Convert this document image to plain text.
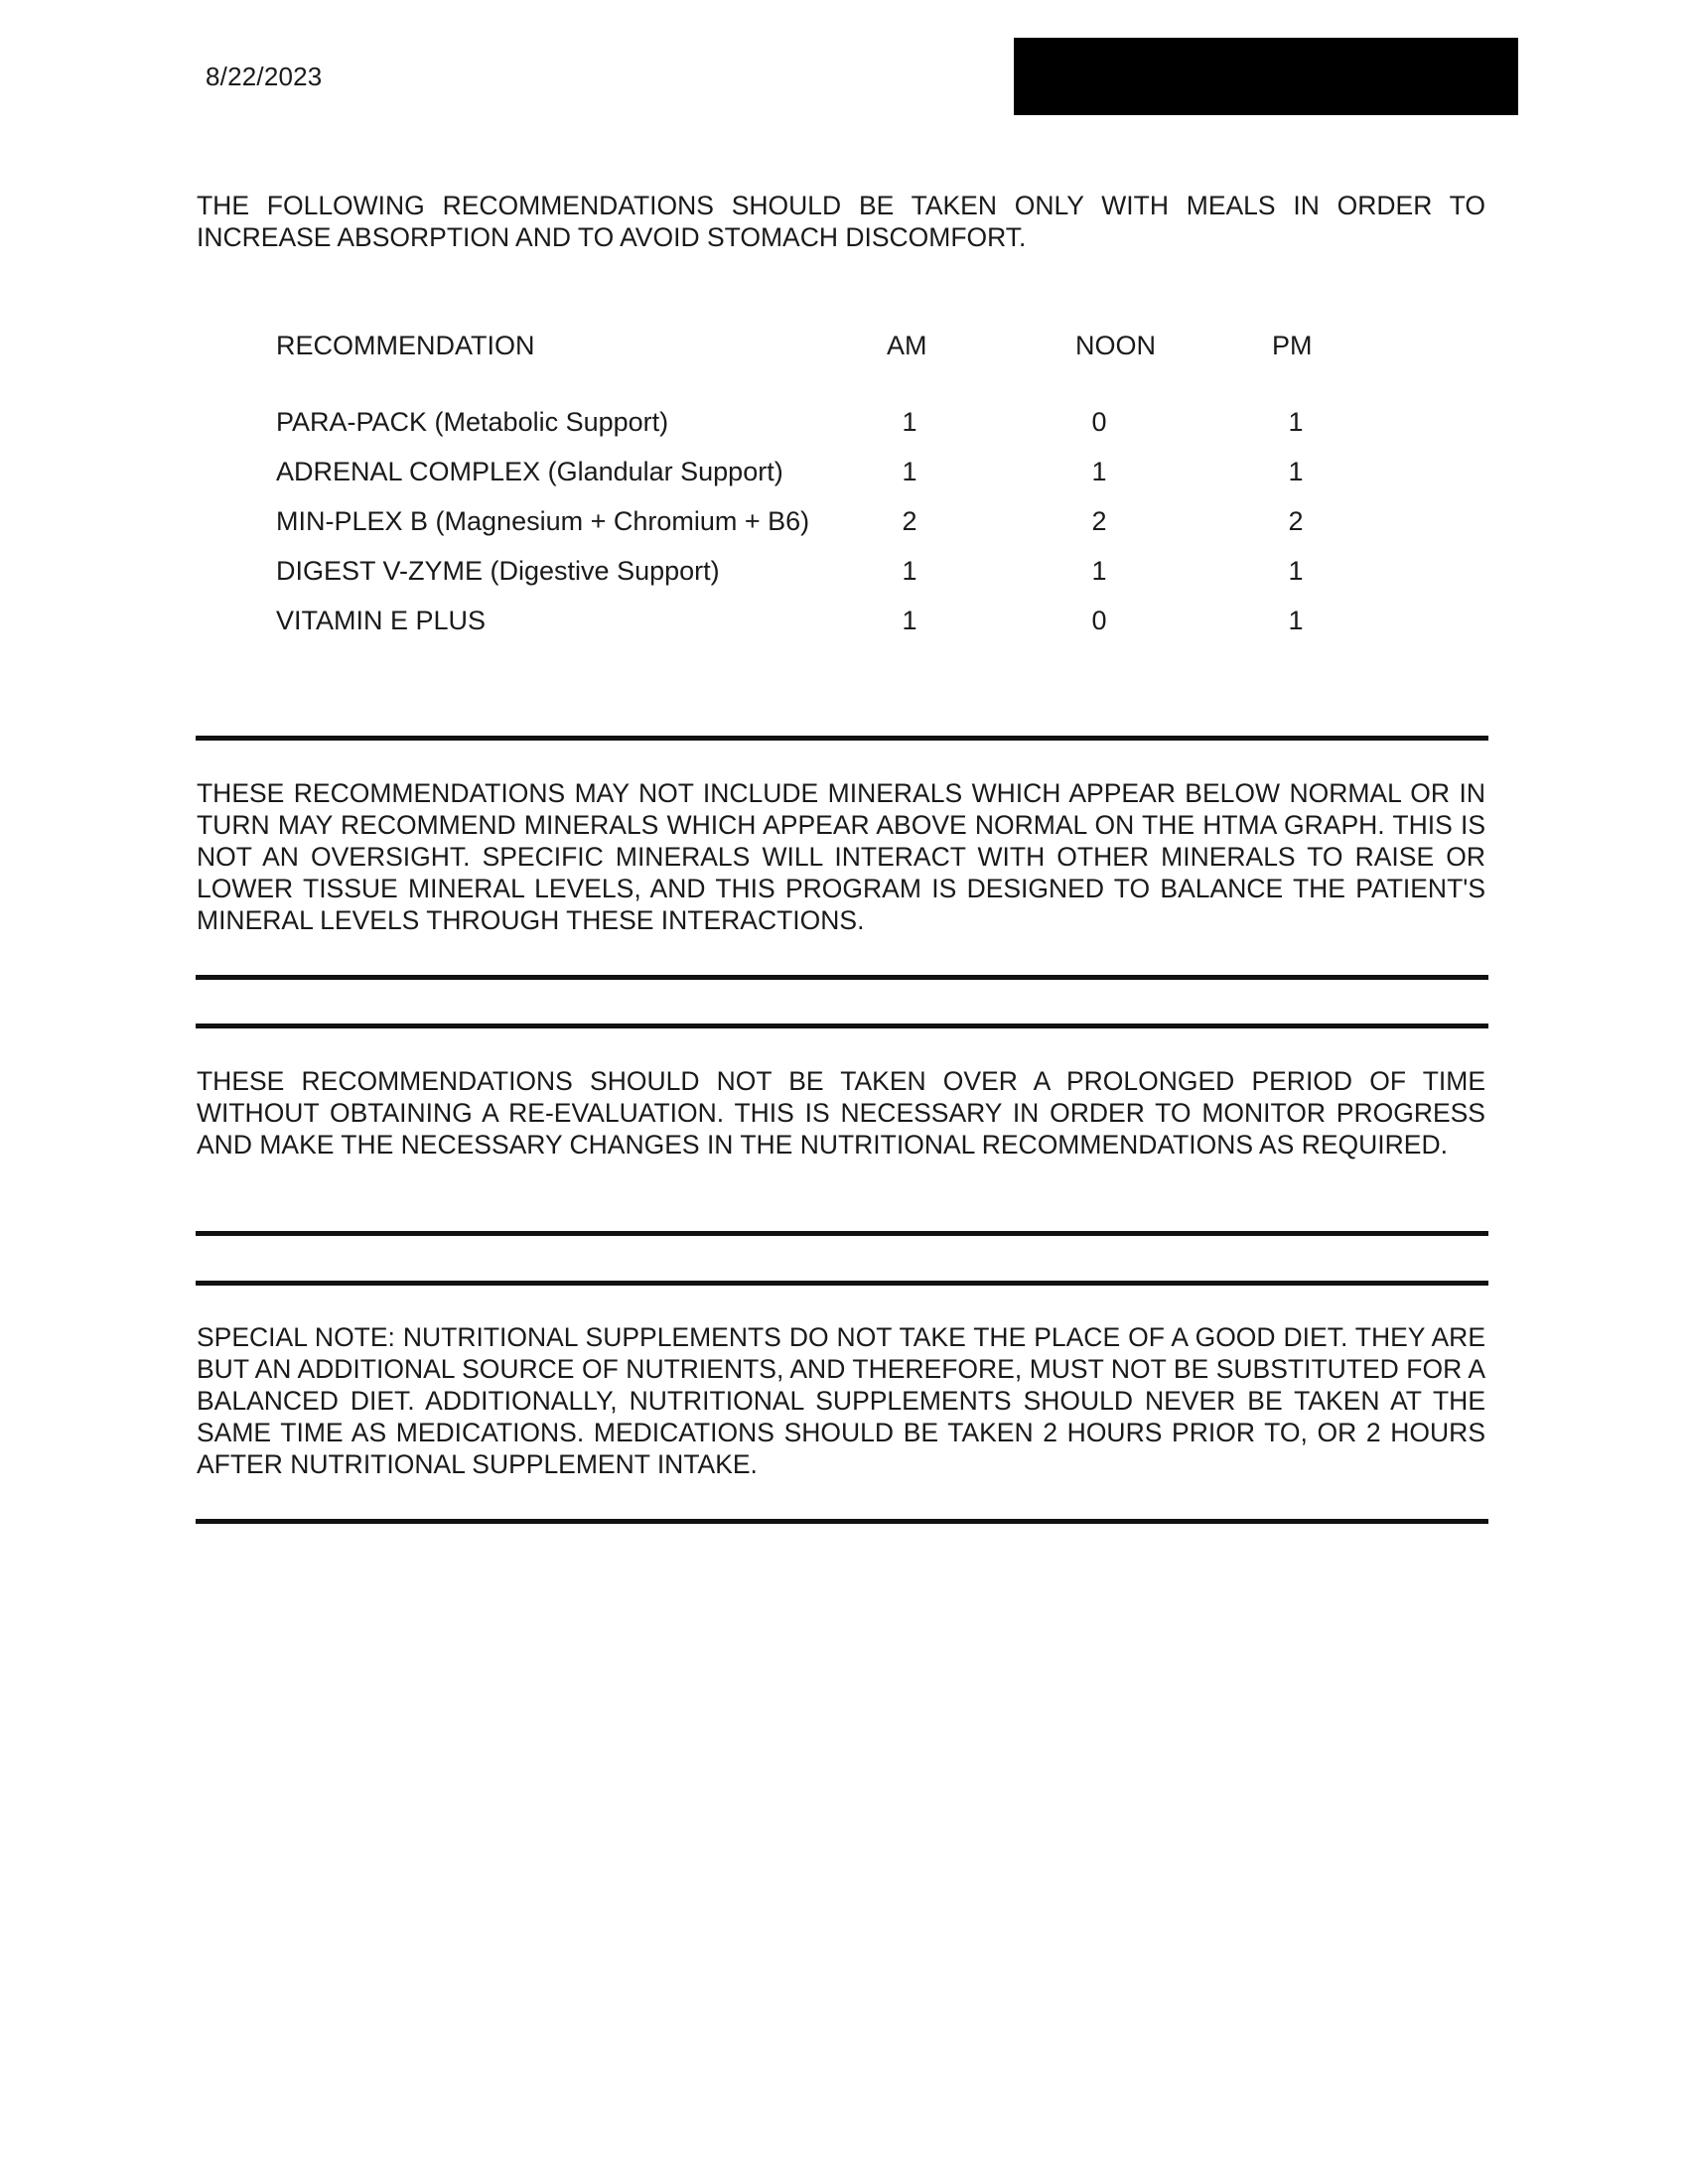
8/22/2023

THE FOLLOWING RECOMMENDATIONS SHOULD BE TAKEN ONLY WITH MEALS IN ORDER TO INCREASE ABSORPTION AND TO AVOID STOMACH DISCOMFORT.

RECOMMENDATION	AM	NOON	PM
PARA-PACK (Metabolic Support)	1	0	1
ADRENAL COMPLEX (Glandular Support)	1	1	1
MIN-PLEX B (Magnesium + Chromium + B6)	2	2	2
DIGEST V-ZYME (Digestive Support)	1	1	1
VITAMIN E PLUS	1	0	1

THESE RECOMMENDATIONS MAY NOT INCLUDE MINERALS WHICH APPEAR BELOW NORMAL OR IN TURN MAY RECOMMEND MINERALS WHICH APPEAR ABOVE NORMAL ON THE HTMA GRAPH. THIS IS NOT AN OVERSIGHT. SPECIFIC MINERALS WILL INTERACT WITH OTHER MINERALS TO RAISE OR LOWER TISSUE MINERAL LEVELS, AND THIS PROGRAM IS DESIGNED TO BALANCE THE PATIENT'S MINERAL LEVELS THROUGH THESE INTERACTIONS.

THESE RECOMMENDATIONS SHOULD NOT BE TAKEN OVER A PROLONGED PERIOD OF TIME WITHOUT OBTAINING A RE-EVALUATION. THIS IS NECESSARY IN ORDER TO MONITOR PROGRESS AND MAKE THE NECESSARY CHANGES IN THE NUTRITIONAL RECOMMENDATIONS AS REQUIRED.

SPECIAL NOTE: NUTRITIONAL SUPPLEMENTS DO NOT TAKE THE PLACE OF A GOOD DIET. THEY ARE BUT AN ADDITIONAL SOURCE OF NUTRIENTS, AND THEREFORE, MUST NOT BE SUBSTITUTED FOR A BALANCED DIET. ADDITIONALLY, NUTRITIONAL SUPPLEMENTS SHOULD NEVER BE TAKEN AT THE SAME TIME AS MEDICATIONS. MEDICATIONS SHOULD BE TAKEN 2 HOURS PRIOR TO, OR 2 HOURS AFTER NUTRITIONAL SUPPLEMENT INTAKE.
